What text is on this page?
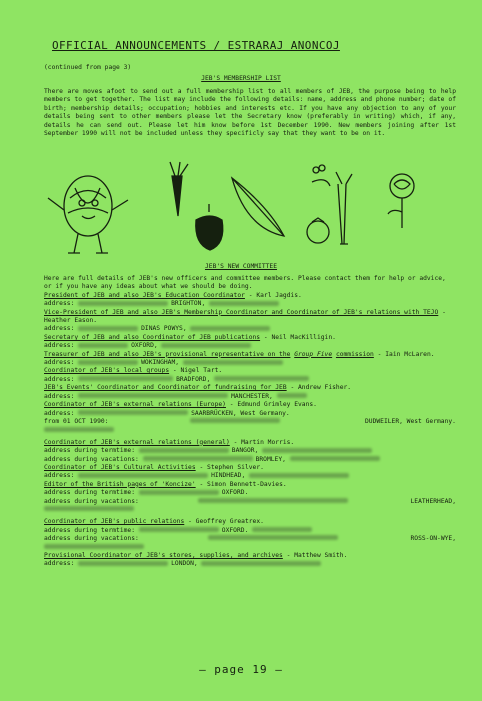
OFFICIAL ANNOUNCEMENTS / ESTRARAJ ANONCOJ
(continued from page 3)
JEB'S MEMBERSHIP LIST
There are moves afoot to send out a full membership list to all members of JEB, the purpose being to help members to get together. The list may include the following details: name, address and phone number; date of birth; membership details; occupation; hobbies and interests etc. If you have any objection to any of your details being sent to other members please let the Secretary know (preferably in writing) which, if any, details he can send out. Please let him know before 1st December 1990. New members joining after 1st September 1990 will not be included unless they specificly say that they want to be on it.
JEB'S NEW COMMITTEE

Here are full details of JEB's new officers and committee members. Please contact them for help or advice, or if you have any ideas about what we should be doing.

President of JEB and also JEB's Education Coordinator - Karl Jagdis.

address:	BRIGHTON,

Vice-President of JEB and also JEB's Membership Coordinator and Coordinator of JEB's relations with TEJO - Heather Eason.

address:	DINAS POWYS,

Secretary of JEB and also Coordinator of JEB publications - Neil MacKilligin.

address:	OXFORD,

Treasurer of JEB and also JEB's provisional representative on the Group Five commission - Iain McLaren.

address:	WOKINGHAM,

Coordinator of JEB's local groups - Nigel Tart.

address:	BRADFORD,

JEB's Events' Coordinator and Coordinator of fundraising for JEB - Andrew Fisher.

address:	MANCHESTER,

Coordinator of JEB's external relations (Europe) - Edmund Grimley Evans.

address:	SAARBRÜCKEN, West Germany.

from 01 OCT 1990:	DUDWEILER, West Germany.

Coordinator of JEB's external relations (general) - Martin Morris.

address during termtime:	BANGOR,

address during vacations:	BROMLEY,

Coordinator of JEB's Cultural Activities - Stephen Silver.

address:	HINDHEAD,

Editor of the British pages of 'Koncize' - Simon Bennett-Davies.

address during termtime:	OXFORD.

address during vacations:	LEATHERHEAD,

Coordinator of JEB's public relations - Geoffrey Greatrex.

address during termtime:	OXFORD.

address during vacations:	ROSS-ON-WYE,

Provisional Coordinator of JEB's stores, supplies, and archives - Matthew Smith.

address:	LONDON,

— page 19 —
